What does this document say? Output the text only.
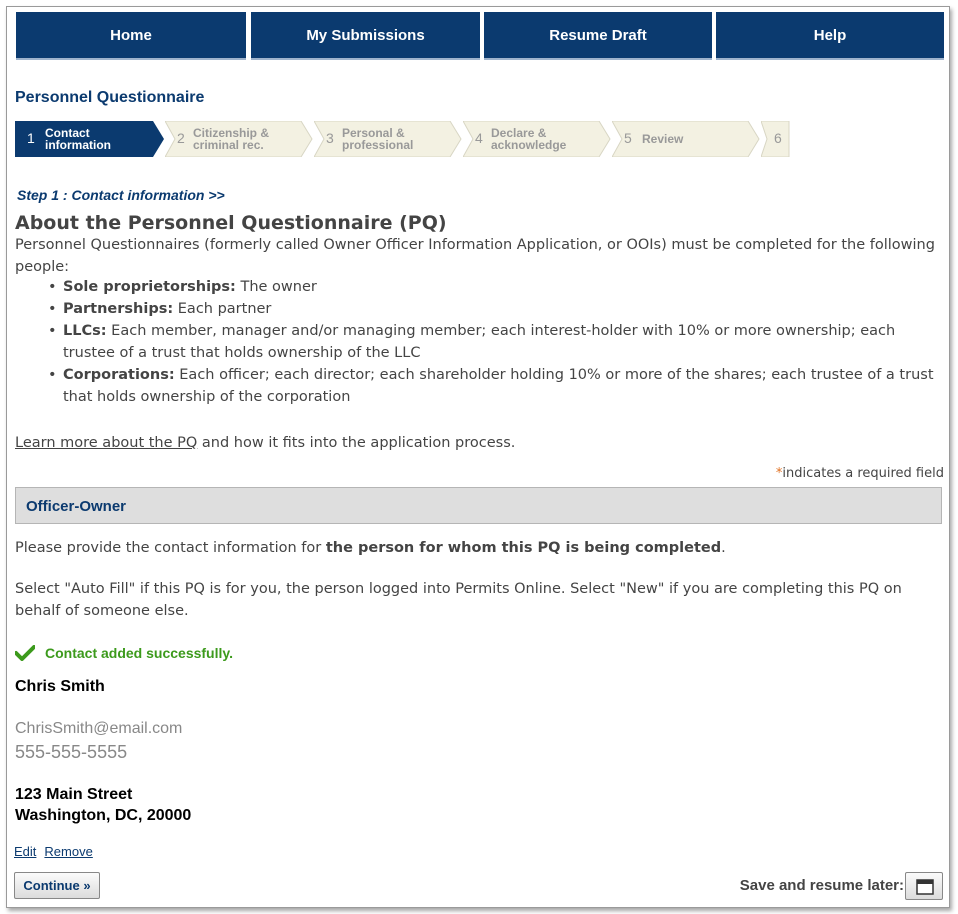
Home	My Submissions	Resume Draft	Help
Personnel Questionnaire
1 Contact
information	2 Citizenship &
criminal rec.	3 Personal &
professional	4 Declare &
acknowledge	5 Review	6
Step 1 : Contact information >>
About the Personnel Questionnaire (PQ)
Personnel Questionnaires (formerly called Owner Officer Information Application, or OOIs) must be completed for the following people:
• Sole proprietorships: The owner
• Partnerships: Each partner
• LLCs: Each member, manager and/or managing member; each interest-holder with 10% or more ownership; each trustee of a trust that holds ownership of the LLC
• Corporations: Each officer; each director; each shareholder holding 10% or more of the shares; each trustee of a trust that holds ownership of the corporation
Learn more about the PQ and how it fits into the application process.
*indicates a required field
Officer-Owner
Please provide the contact information for the person for whom this PQ is being completed.
Select "Auto Fill" if this PQ is for you, the person logged into Permits Online. Select "New" if you are completing this PQ on behalf of someone else.
Contact added successfully.
Chris Smith
ChrisSmith@email.com
555-555-5555
123 Main Street
Washington, DC, 20000
Edit Remove
Continue »	Save and resume later:
